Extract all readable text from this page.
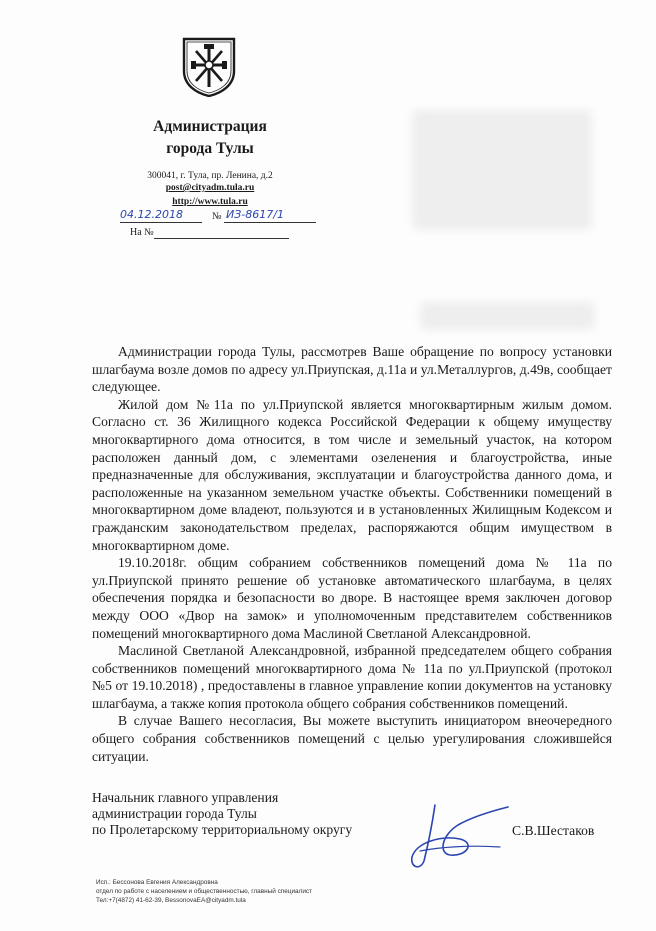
Администрация
города Тулы
300041, г. Тула, пр. Ленина, д.2
post@cityadm.tula.ru
http://www.tula.ru
04.12.2018	№ ИЗ-8617/1
На №

Администрации города Тулы, рассмотрев Ваше обращение по вопросу установки шлагбаума возле домов по адресу ул.Приупская, д.11а и ул.Металлургов, д.49в, сообщает следующее.

Жилой дом №11а по ул.Приупской является многоквартирным жилым домом. Согласно ст. 36 Жилищного кодекса Российской Федерации к общему имуществу многоквартирного дома относится, в том числе и земельный участок, на котором расположен данный дом, с элементами озеленения и благоустройства, иные предназначенные для обслуживания, эксплуатации и благоустройства данного дома, и расположенные на указанном земельном участке объекты. Собственники помещений в многоквартирном доме владеют, пользуются и в установленных Жилищным Кодексом и гражданским законодательством пределах, распоряжаются общим имуществом в многоквартирном доме.

19.10.2018г. общим собранием собственников помещений дома № 11а по ул.Приупской принято решение об установке автоматического шлагбаума, в целях обеспечения порядка и безопасности во дворе. В настоящее время заключен договор между ООО «Двор на замок» и уполномоченным представителем собственников помещений многоквартирного дома Маслиной Светланой Александровной.

Маслиной Светланой Александровной, избранной председателем общего собрания собственников помещений многоквартирного дома № 11а по ул.Приупской (протокол №5 от 19.10.2018) , предоставлены в главное управление копии документов на установку шлагбаума, а также копия протокола общего собрания собственников помещений.

В случае Вашего несогласия, Вы можете выступить инициатором внеочередного общего собрания собственников помещений с целью урегулирования сложившейся ситуации.

Начальник главного управления
администрации города Тулы
по Пролетарскому территориальному округу	С.В.Шестаков
Исп.: Бессонова Евгения Александровна
отдел по работе с населением и общественностью, главный специалист
Тел:+7(4872) 41-62-39, BessonovaEA@cityadm.tula
